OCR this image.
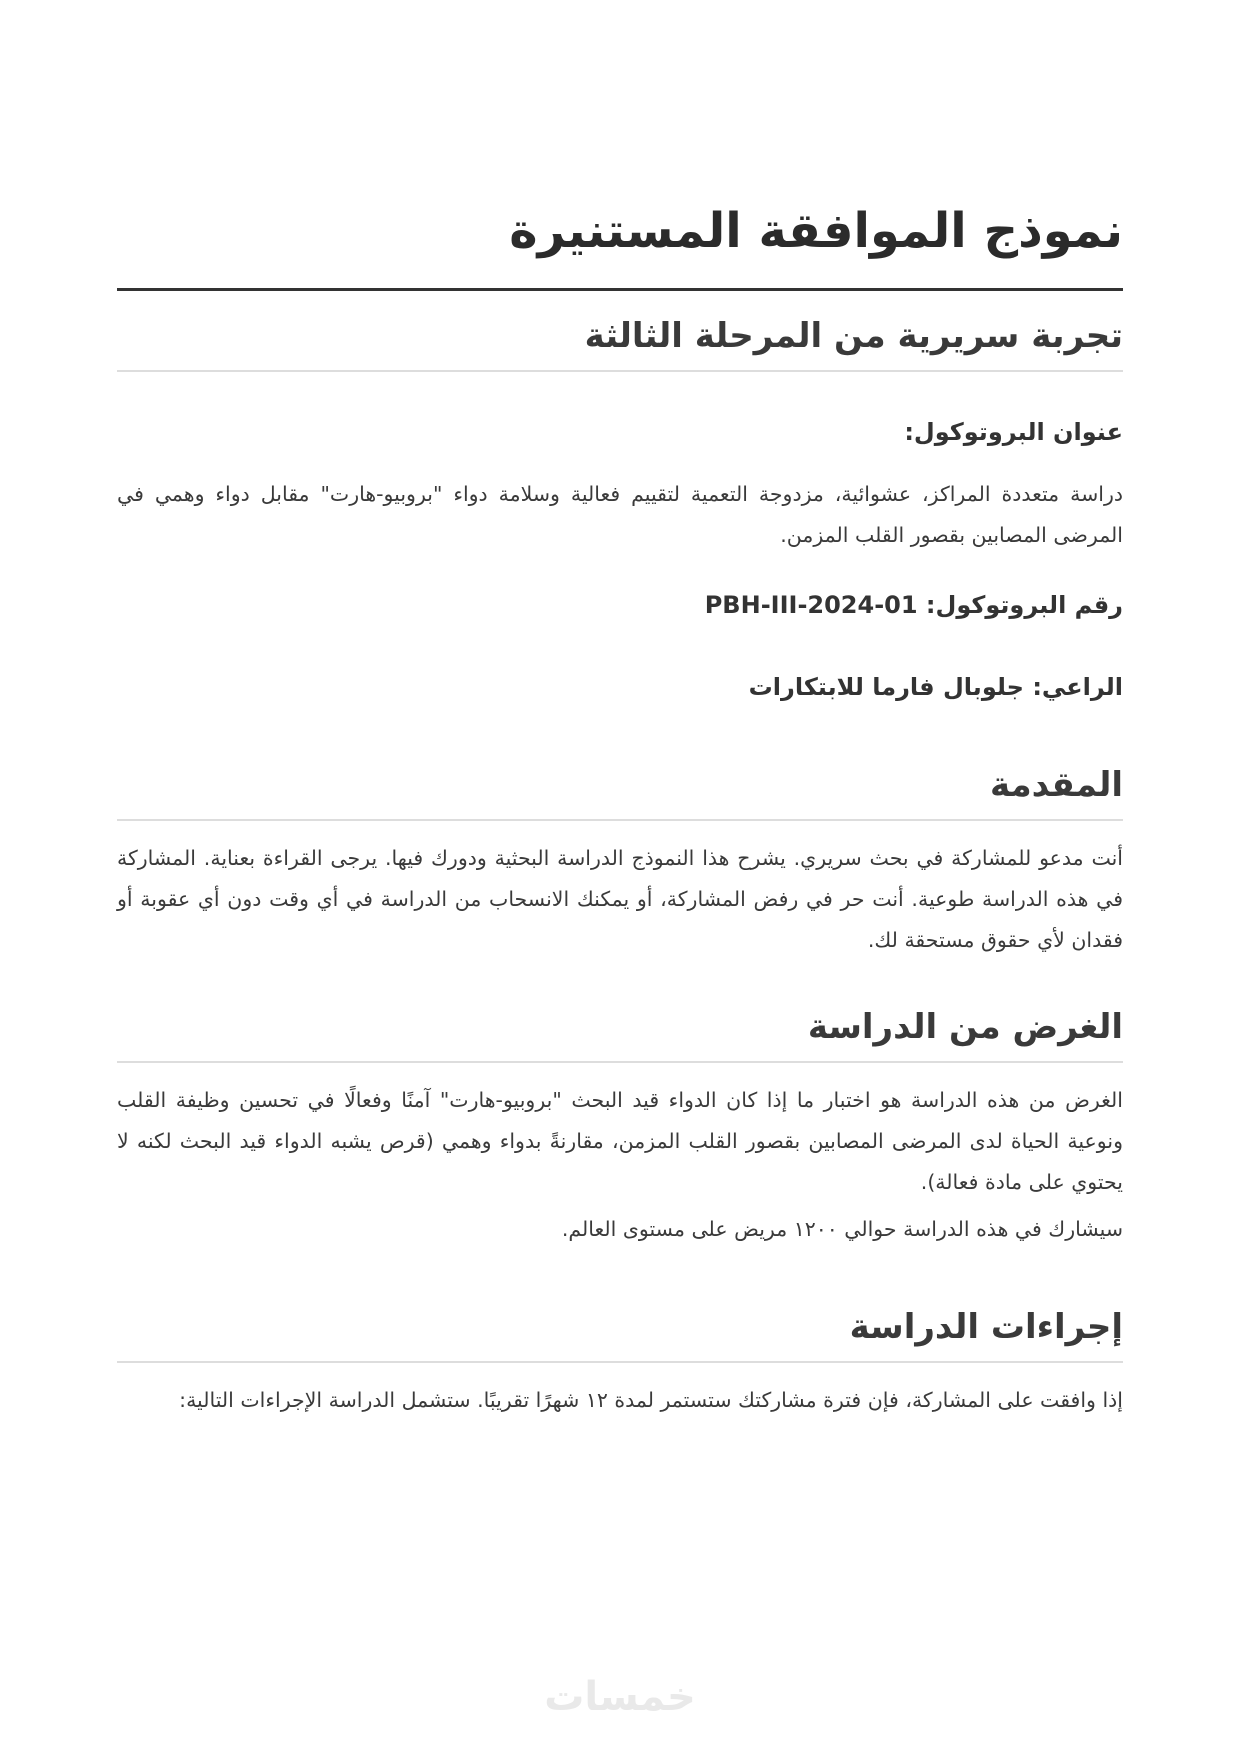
نموذج الموافقة المستنيرة
تجربة سريرية من المرحلة الثالثة
عنوان البروتوكول:

دراسة متعددة المراكز، عشوائية، مزدوجة التعمية لتقييم فعالية وسلامة دواء "بروبيو-هارت" مقابل دواء وهمي في المرضى المصابين بقصور القلب المزمن.

رقم البروتوكول: PBH-III-2024-01
الراعي: جلوبال فارما للابتكارات
المقدمة

أنت مدعو للمشاركة في بحث سريري. يشرح هذا النموذج الدراسة البحثية ودورك فيها. يرجى القراءة بعناية. المشاركة في هذه الدراسة طوعية. أنت حر في رفض المشاركة، أو يمكنك الانسحاب من الدراسة في أي وقت دون أي عقوبة أو فقدان لأي حقوق مستحقة لك.

الغرض من الدراسة

الغرض من هذه الدراسة هو اختبار ما إذا كان الدواء قيد البحث "بروبيو-هارت" آمنًا وفعالًا في تحسين وظيفة القلب ونوعية الحياة لدى المرضى المصابين بقصور القلب المزمن، مقارنةً بدواء وهمي (قرص يشبه الدواء قيد البحث لكنه لا يحتوي على مادة فعالة).

سيشارك في هذه الدراسة حوالي ١٢٠٠ مريض على مستوى العالم.

إجراءات الدراسة

إذا وافقت على المشاركة، فإن فترة مشاركتك ستستمر لمدة ١٢ شهرًا تقريبًا. ستشمل الدراسة الإجراءات التالية:

خمسات
